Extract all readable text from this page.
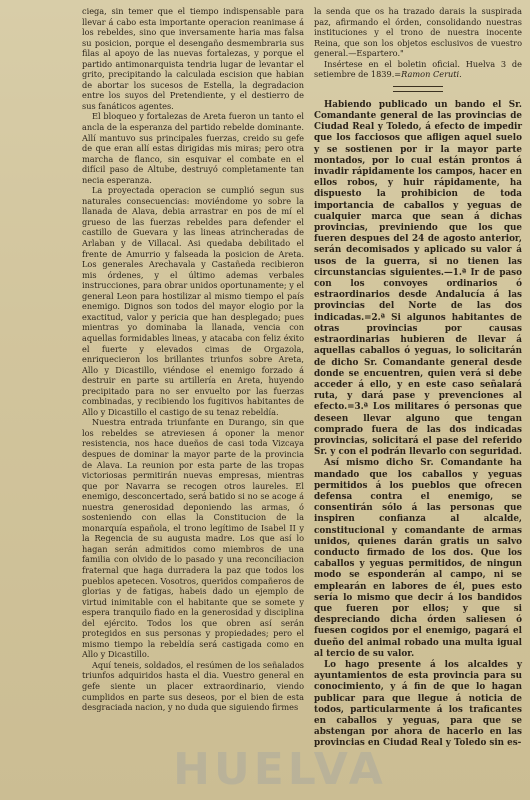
ciega, sin temer que el tiempo indispensable para llevar á cabo esta importante operacion reanimase á los rebeldes, sino que inversamente haria mas falsa su posicion, porque el desengaño desmembraria sus filas al apoyo de las nuevas fortalezas, y porque el partido antimonarquista tendria lugar de levantar el grito, precipitando la calculada escision que habian de abortar los sucesos de Estella, la degradacion entre los suyos del Pretendiente, y el destierro de sus fanáticos agentes.

El bloqueo y fortalezas de Areta fueron un tanto el ancla de la esperanza del partido rebelde dominante. Allí mantuvo sus principales fuerzas, creido su gefe de que eran allí estas dirigidas mis miras; pero otra marcha de flanco, sin esquivar el combate en el difícil paso de Altube, destruyó completamente tan necia esperanza.

La proyectada operacion se cumplió segun sus naturales consecuencias: moviéndome yo sobre la llanada de Alava, debia arrastrar en pos de mí el grueso de las fuerzas rebeldes para defender el castillo de Guevara y las lineas atrincheradas de Arlaban y de Villacal. Asi quedaba debilitado el frente de Amurrio y falseada la posicion de Areta. Los generales Arechavala y Castañeda recibieron mis órdenes, y el último ademas verbales instrucciones, para obrar unidos oportunamente; y el general Leon para hostilizar al mismo tiempo el país enemigo. Dignos son todos del mayor elogio por la exactitud, valor y pericia que han desplegado; pues mientras yo dominaba la llanada, vencia con aquellas formidables lineas, y atacaba con feliz éxito el fuerte y elevados cimas de Orgazola, enriquecieron los brillantes triunfos sobre Areta, Allo y Dicastillo, viéndose el enemigo forzado á destruir en parte su artillería en Areta, huyendo precipitado para no ser envuelto por las fuerzas combinadas, y recibiendo los fugitivos habitantes de Allo y Dicastillo el castigo de su tenaz rebeldía.

Nuestra entrada triunfante en Durango, sin que los rebeldes se atreviesen á oponer la menor resistencia, nos hace dueños de casi toda Vizcaya despues de dominar la mayor parte de la provincia de Alava. La reunion por esta parte de las tropas victoriosas permitirán nuevas empresas, mientras que por Navarra se recogen otros laureles. El enemigo, desconcertado, será batido si no se acoge á nuestra generosidad deponiendo las armas, ó sosteniendo con ellas la Constitucion de la monarquía española, el trono legítimo de Isabel II y la Regencia de su augusta madre. Los que así lo hagan serán admitidos como miembros de una familia con olvido de lo pasado y una reconciliacion fraternal que haga durradera la paz que todos los pueblos apetecen. Vosotros, queridos compañeros de glorias y de fatigas, habeis dado un ejemplo de virtud inimitable con el habitante que se somete y espera tranquilo fiado en la generosidad y disciplina del ejército. Todos los que obren así serán protegidos en sus personas y propiedades; pero el mismo tiempo la rebeldía será castigada como en Allo y Dicastillo.

Aquí teneis, soldados, el resúmen de los señalados triunfos adquiridos hasta el dia. Vuestro general en gefe siente un placer extraordinario, viendo cumplidos en parte sus deseos, por el bien de esta desgraciada nacion, y no duda que siguiendo firmes

la senda que os ha trazado darais la suspirada paz, afirmando el órden, consolidando nuestras instituciones y el trono de nuestra inocente Reina, que son los objetos esclusivos de vuestro general.—Espartero."

Insértese en el boletin oficial. Huelva 3 de setiembre de 1839.=Ramon Ceruti.

Habiendo publicado un bando el Sr. Comandante general de las provincias de Ciudad Real y Toledo, á efecto de impedir que los facciosos que afligen aquel suelo y se sostienen por ir la mayor parte montados, por lo cual están prontos á invadir rápidamente los campos, hacer en ellos robos, y huir rápidamente, ha dispuesto la prohibicion de toda importancia de caballos y yeguas de cualquier marca que sean á dichas provincias, previniendo que los que fueren despues del 24 de agosto anterior, serán decomisados y aplicado su valor á usos de la guerra, si no tienen las circunstancias siguientes.—1.ª Ir de paso con los convoyes ordinarios ó estraordinarios desde Andalucía á las provincias del Norte de las dos indicadas.=2.ª Si algunos habitantes de otras provincias por causas estraordinarias hubieren de llevar á aquellas caballos ó yeguas, lo solicitarán de dicho Sr. Comandante general desde donde se encuentren, quien verá si debe acceder á ello, y en este caso señalará ruta, y dará pase y prevenciones al efecto.=3.ª Los militares ó personas que deseen llevar alguno que tengan comprado fuera de las dos indicadas provincias, solicitará el pase del referido Sr. y con el podrán llevarlo con seguridad.

Así mismo dicho Sr. Comandante ha mandado que los caballos y yeguas permitidos á los pueblos que ofrecen defensa contra el enemigo, se consentirán sólo á las personas que inspiren confianza al alcalde, constitucional y comandante de armas unidos, quienes darán gratis un salvo conducto firmado de los dos. Que los caballos y yeguas permitidos, de ningun modo se esponderán al campo, ni se emplearán en labores de él, pues esto sería lo mismo que decir á los bandidos que fueren por ellos; y que si despreciando dicha órden saliesen ó fuesen cogidos por el enemigo, pagará el dueño del animal robado una multa igual al tercio de su valor.

Lo hago presente á los alcaldes y ayuntamientos de esta provincia para su conocimiento, y á fin de que lo hagan publicar para que llegue á noticia de todos, particularmente á los traficantes en caballos y yeguas, para que se abstengan por ahora de hacerlo en las provincias en Ciudad Real y Toledo sin es-

HUELVA
